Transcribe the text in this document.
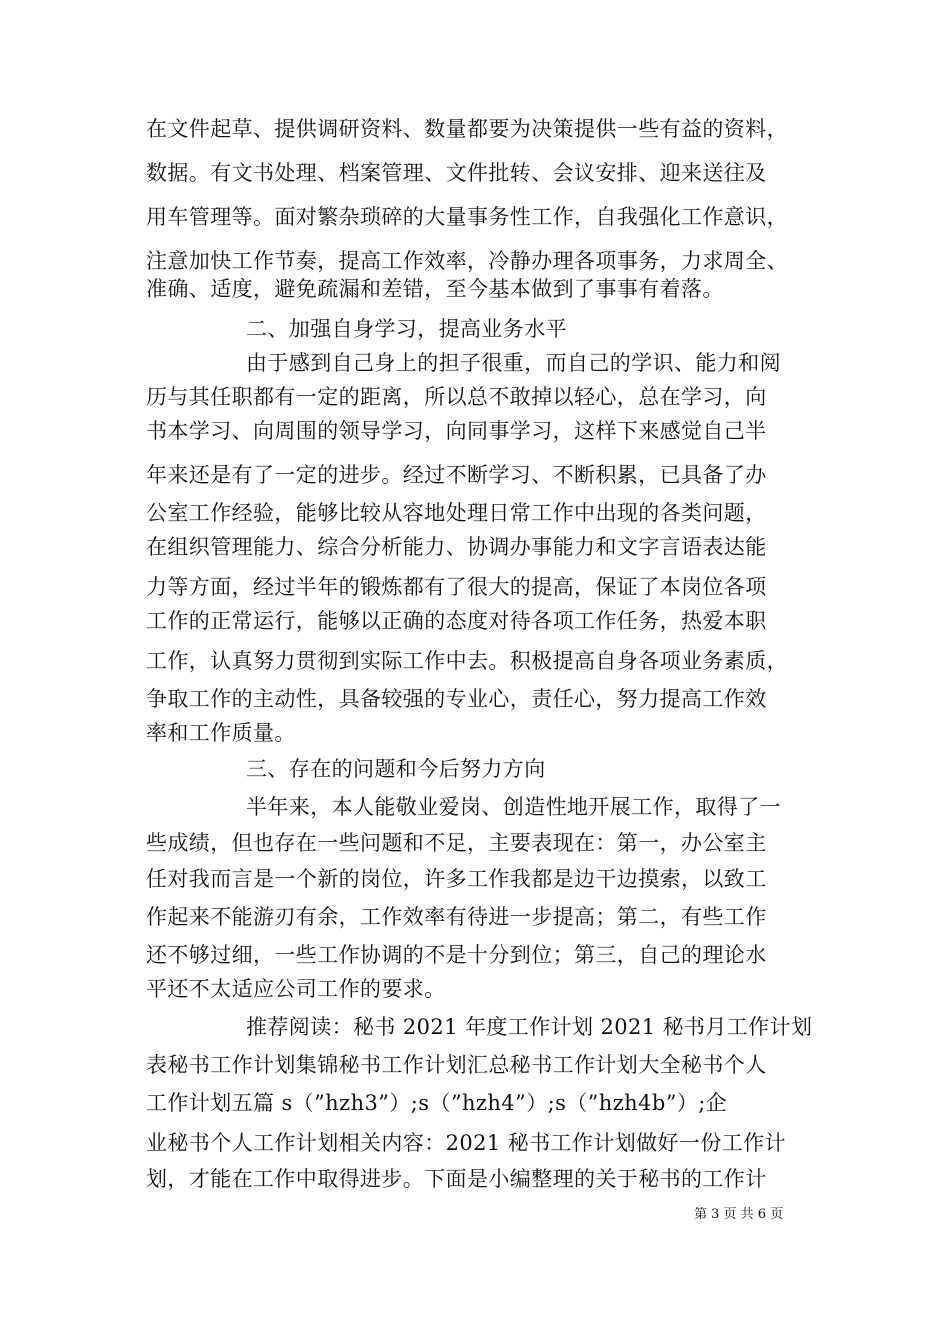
在文件起草、提供调研资料、数量都要为决策提供一些有益的资料，
数据。有文书处理、档案管理、文件批转、会议安排、迎来送往及
用车管理等。面对繁杂琐碎的大量事务性工作，自我强化工作意识，
注意加快工作节奏，提高工作效率，冷静办理各项事务，力求周全、
准确、适度，避免疏漏和差错，至今基本做到了事事有着落。
二、加强自身学习，提高业务水平
由于感到自己身上的担子很重，而自己的学识、能力和阅
历与其任职都有一定的距离，所以总不敢掉以轻心，总在学习，向
书本学习、向周围的领导学习，向同事学习，这样下来感觉自己半
年来还是有了一定的进步。经过不断学习、不断积累，已具备了办
公室工作经验，能够比较从容地处理日常工作中出现的各类问题，
在组织管理能力、综合分析能力、协调办事能力和文字言语表达能
力等方面，经过半年的锻炼都有了很大的提高，保证了本岗位各项
工作的正常运行，能够以正确的态度对待各项工作任务，热爱本职
工作，认真努力贯彻到实际工作中去。积极提高自身各项业务素质，
争取工作的主动性，具备较强的专业心，责任心，努力提高工作效
率和工作质量。
三、存在的问题和今后努力方向
半年来，本人能敬业爱岗、创造性地开展工作，取得了一
些成绩，但也存在一些问题和不足，主要表现在：第一，办公室主
任对我而言是一个新的岗位，许多工作我都是边干边摸索，以致工
作起来不能游刃有余，工作效率有待进一步提高；第二，有些工作
还不够过细，一些工作协调的不是十分到位；第三，自己的理论水
平还不太适应公司工作的要求。
推荐阅读：秘书 2021 年度工作计划 2021 秘书月工作计划
表秘书工作计划集锦秘书工作计划汇总秘书工作计划大全秘书个人
工作计划五篇 s（”hzh3”）;s（”hzh4”）;s（”hzh4b”）;企
业秘书个人工作计划相关内容：2021 秘书工作计划做好一份工作计
划，才能在工作中取得进步。下面是小编整理的关于秘书的工作计
第 3 页 共 6 页
